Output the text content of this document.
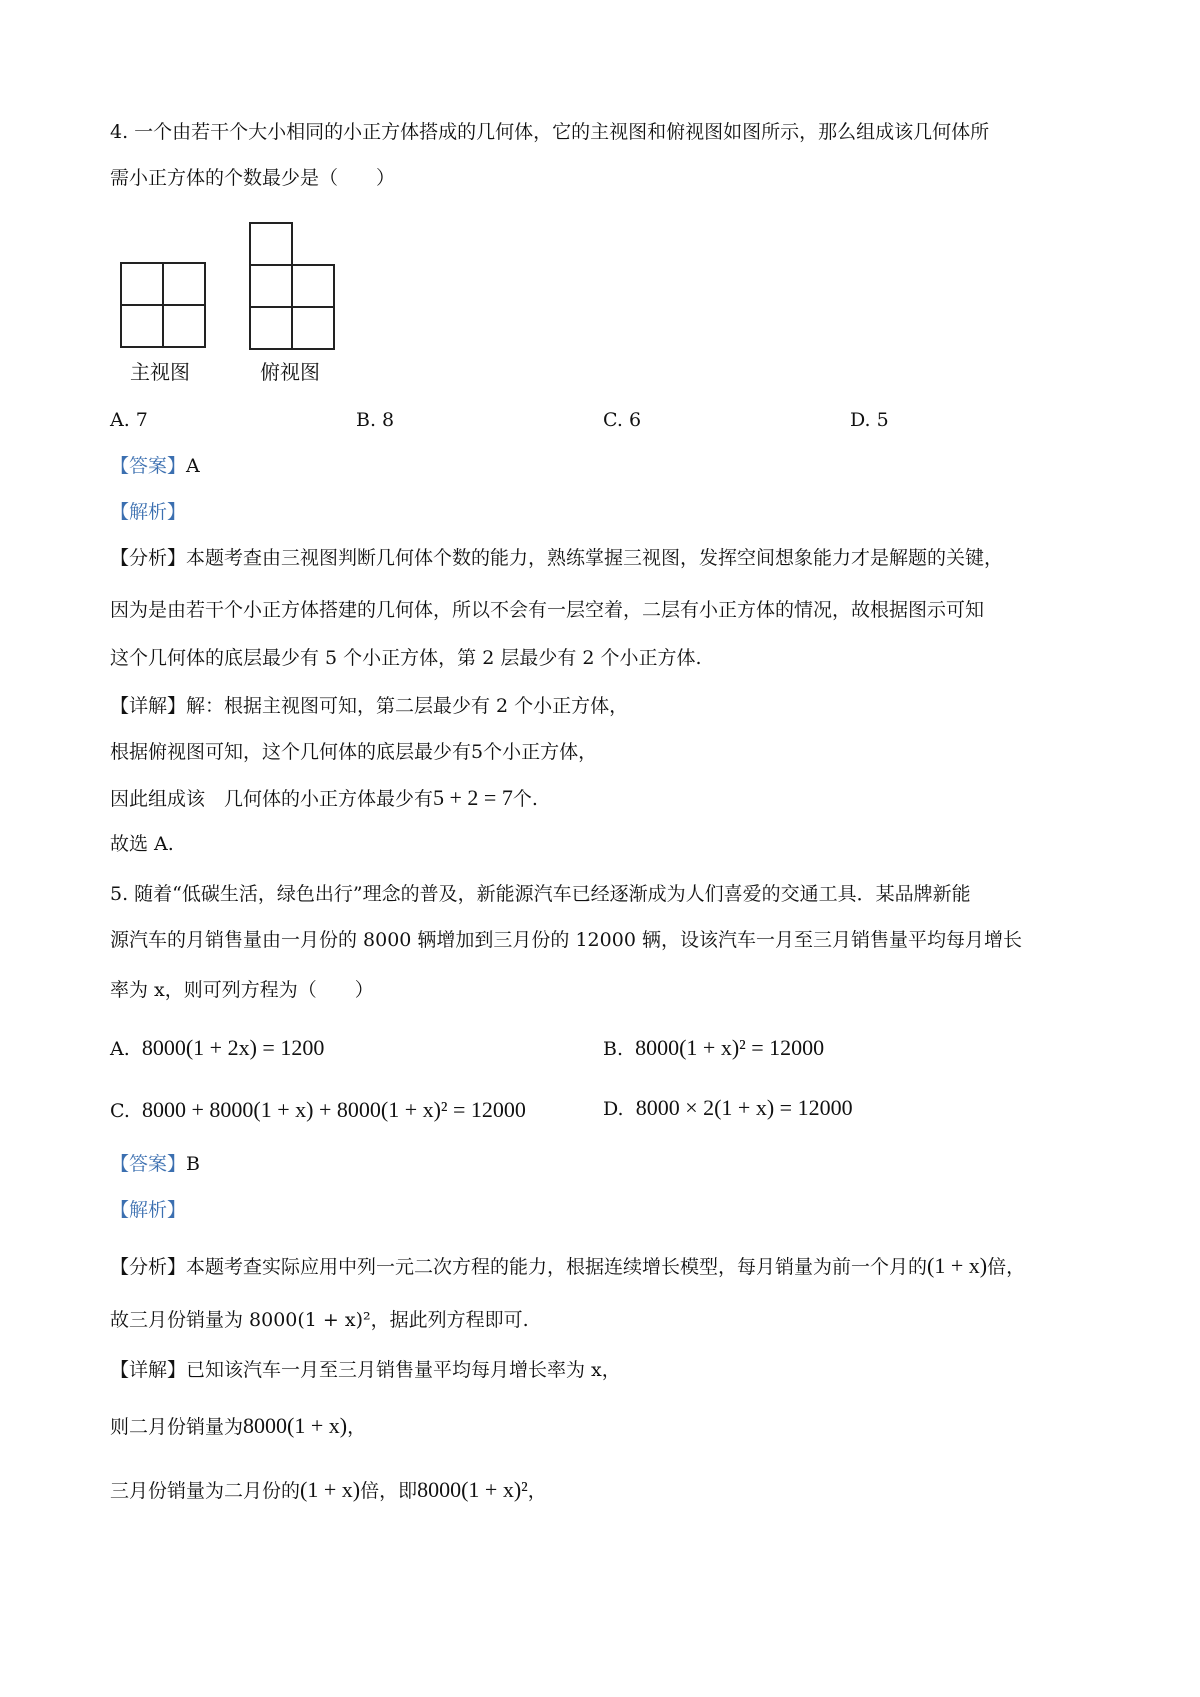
4. 一个由若干个大小相同的小正方体搭成的几何体，它的主视图和俯视图如图所示，那么组成该几何体所
需小正方体的个数最少是（　　）
主视图	俯视图
A. 7	B. 8	C. 6	D. 5
【答案】A
【解析】
【分析】本题考查由三视图判断几何体个数的能力，熟练掌握三视图，发挥空间想象能力才是解题的关键，
因为是由若干个小正方体搭建的几何体，所以不会有一层空着，二层有小正方体的情况，故根据图示可知
这个几何体的底层最少有 5 个小正方体，第 2 层最少有 2 个小正方体.
【详解】解：根据主视图可知，第二层最少有 2 个小正方体，
根据俯视图可知，这个几何体的底层最少有5个小正方体，
因此组成该　几何体的小正方体最少有5 + 2 = 7个.
故选 A.
5. 随着“低碳生活，绿色出行”理念的普及，新能源汽车已经逐渐成为人们喜爱的交通工具．某品牌新能
源汽车的月销售量由一月份的 8000 辆增加到三月份的 12000 辆，设该汽车一月至三月销售量平均每月增长
率为 x，则可列方程为（　　）
A. 8000(1 + 2x) = 1200	B. 8000(1 + x)² = 12000
C. 8000 + 8000(1 + x) + 8000(1 + x)² = 12000	D. 8000 × 2(1 + x) = 12000
【答案】B
【解析】
【分析】本题考查实际应用中列一元二次方程的能力，根据连续增长模型，每月销量为前一个月的(1 + x)倍，
故三月份销量为 8000(1 + x)²，据此列方程即可.
【详解】已知该汽车一月至三月销售量平均每月增长率为 x，
则二月份销量为8000(1 + x)，
三月份销量为二月份的(1 + x)倍，即8000(1 + x)²，
